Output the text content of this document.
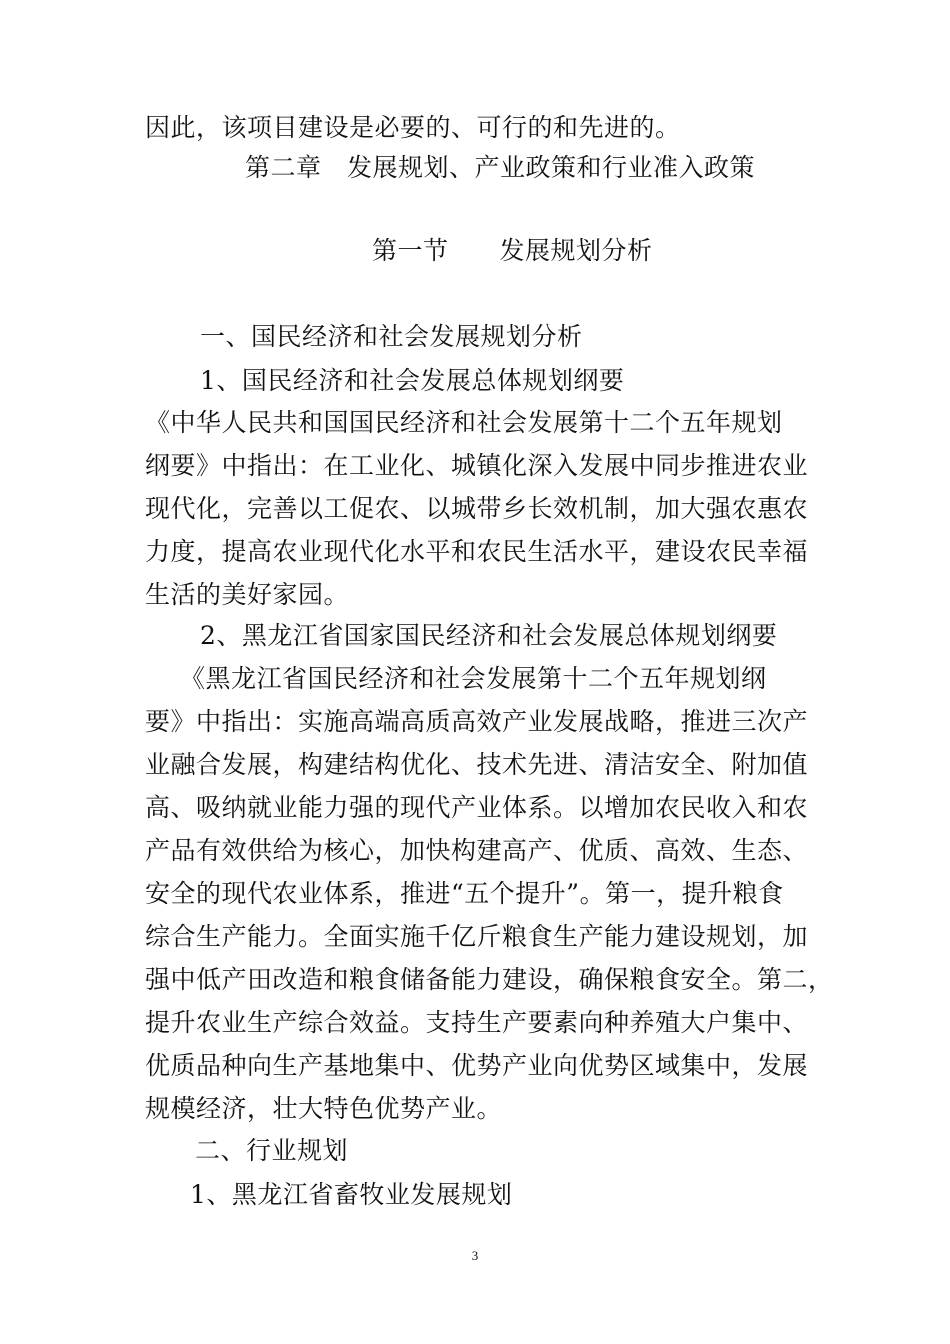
因此，该项目建设是必要的、可行的和先进的。
第二章　发展规划、产业政策和行业准入政策
第一节　　发展规划分析
一、国民经济和社会发展规划分析
1、国民经济和社会发展总体规划纲要
《中华人民共和国国民经济和社会发展第十二个五年规划
纲要》中指出：在工业化、城镇化深入发展中同步推进农业
现代化，完善以工促农、以城带乡长效机制，加大强农惠农
力度，提高农业现代化水平和农民生活水平，建设农民幸福
生活的美好家园。
2、黑龙江省国家国民经济和社会发展总体规划纲要
《黑龙江省国民经济和社会发展第十二个五年规划纲
要》中指出：实施高端高质高效产业发展战略，推进三次产
业融合发展，构建结构优化、技术先进、清洁安全、附加值
高、吸纳就业能力强的现代产业体系。以增加农民收入和农
产品有效供给为核心，加快构建高产、优质、高效、生态、
安全的现代农业体系，推进“五个提升”。第一，提升粮食
综合生产能力。全面实施千亿斤粮食生产能力建设规划，加
强中低产田改造和粮食储备能力建设，确保粮食安全。第二，
提升农业生产综合效益。支持生产要素向种养殖大户集中、
优质品种向生产基地集中、优势产业向优势区域集中，发展
规模经济，壮大特色优势产业。
二、行业规划
1、黑龙江省畜牧业发展规划
3
